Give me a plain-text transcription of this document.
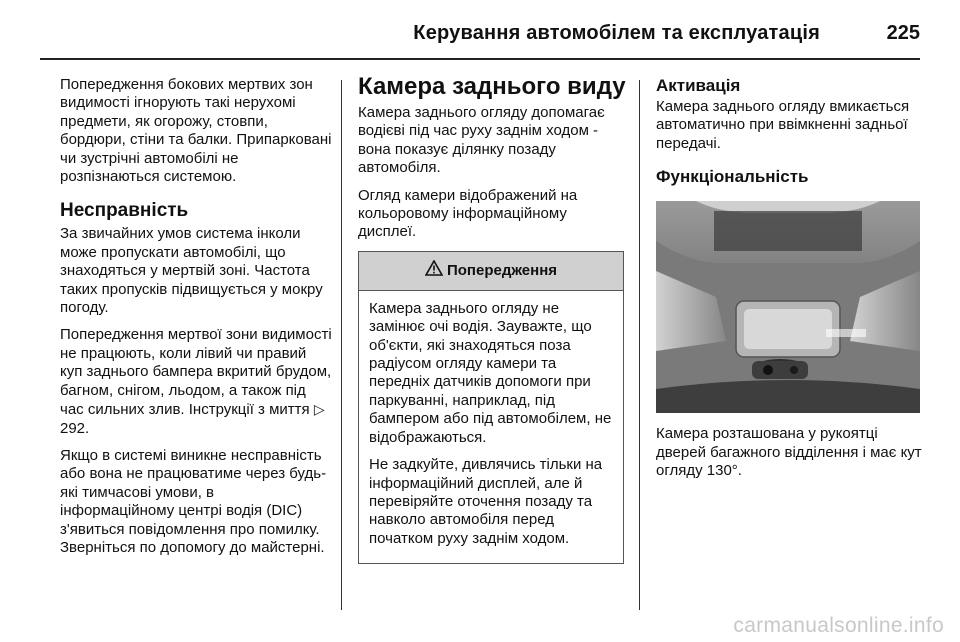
Керування автомобілем та експлуатація	225

Попередження бокових мертвих зон видимості ігнорують такі нерухомі предмети, як огорожу, стовпи, бордюри, стіни та балки. Припарковані чи зустрічні автомобілі не розпізнаються системою.

Несправність

За звичайних умов система інколи може пропускати автомобілі, що знаходяться у мертвій зоні. Частота таких пропусків підвищується у мокру погоду.

Попередження мертвої зони видимості не працюють, коли лівий чи правий куп заднього бампера вкритий брудом, багном, снігом, льодом, а також під час сильних злив. Інструкції з миття ▷ 292.

Якщо в системі виникне несправність або вона не працюватиме через будь-які тимчасові умови, в інформаційному центрі водія (DIC) з'явиться повідомлення про помилку. Зверніться по допомогу до майстерні.

Камера заднього виду

Камера заднього огляду допомагає водієві під час руху заднім ходом - вона показує ділянку позаду автомобіля.

Огляд камери відображений на кольоровому інформаційному дисплеї.

Попередження

Камера заднього огляду не замінює очі водія. Зауважте, що об'єкти, які знаходяться поза радіусом огляду камери та передніх датчиків допомоги при паркуванні, наприклад, під бампером або під автомобілем, не відображаються.

Не задкуйте, дивлячись тільки на інформаційний дисплей, але й перевіряйте оточення позаду та навколо автомобіля перед початком руху заднім ходом.

Активація

Камера заднього огляду вмикається автоматично при ввімкненні задньої передачі.

Функціональність

Камера розташована у рукоятці дверей багажного відділення і має кут огляду 130°.

carmanualsonline.info
